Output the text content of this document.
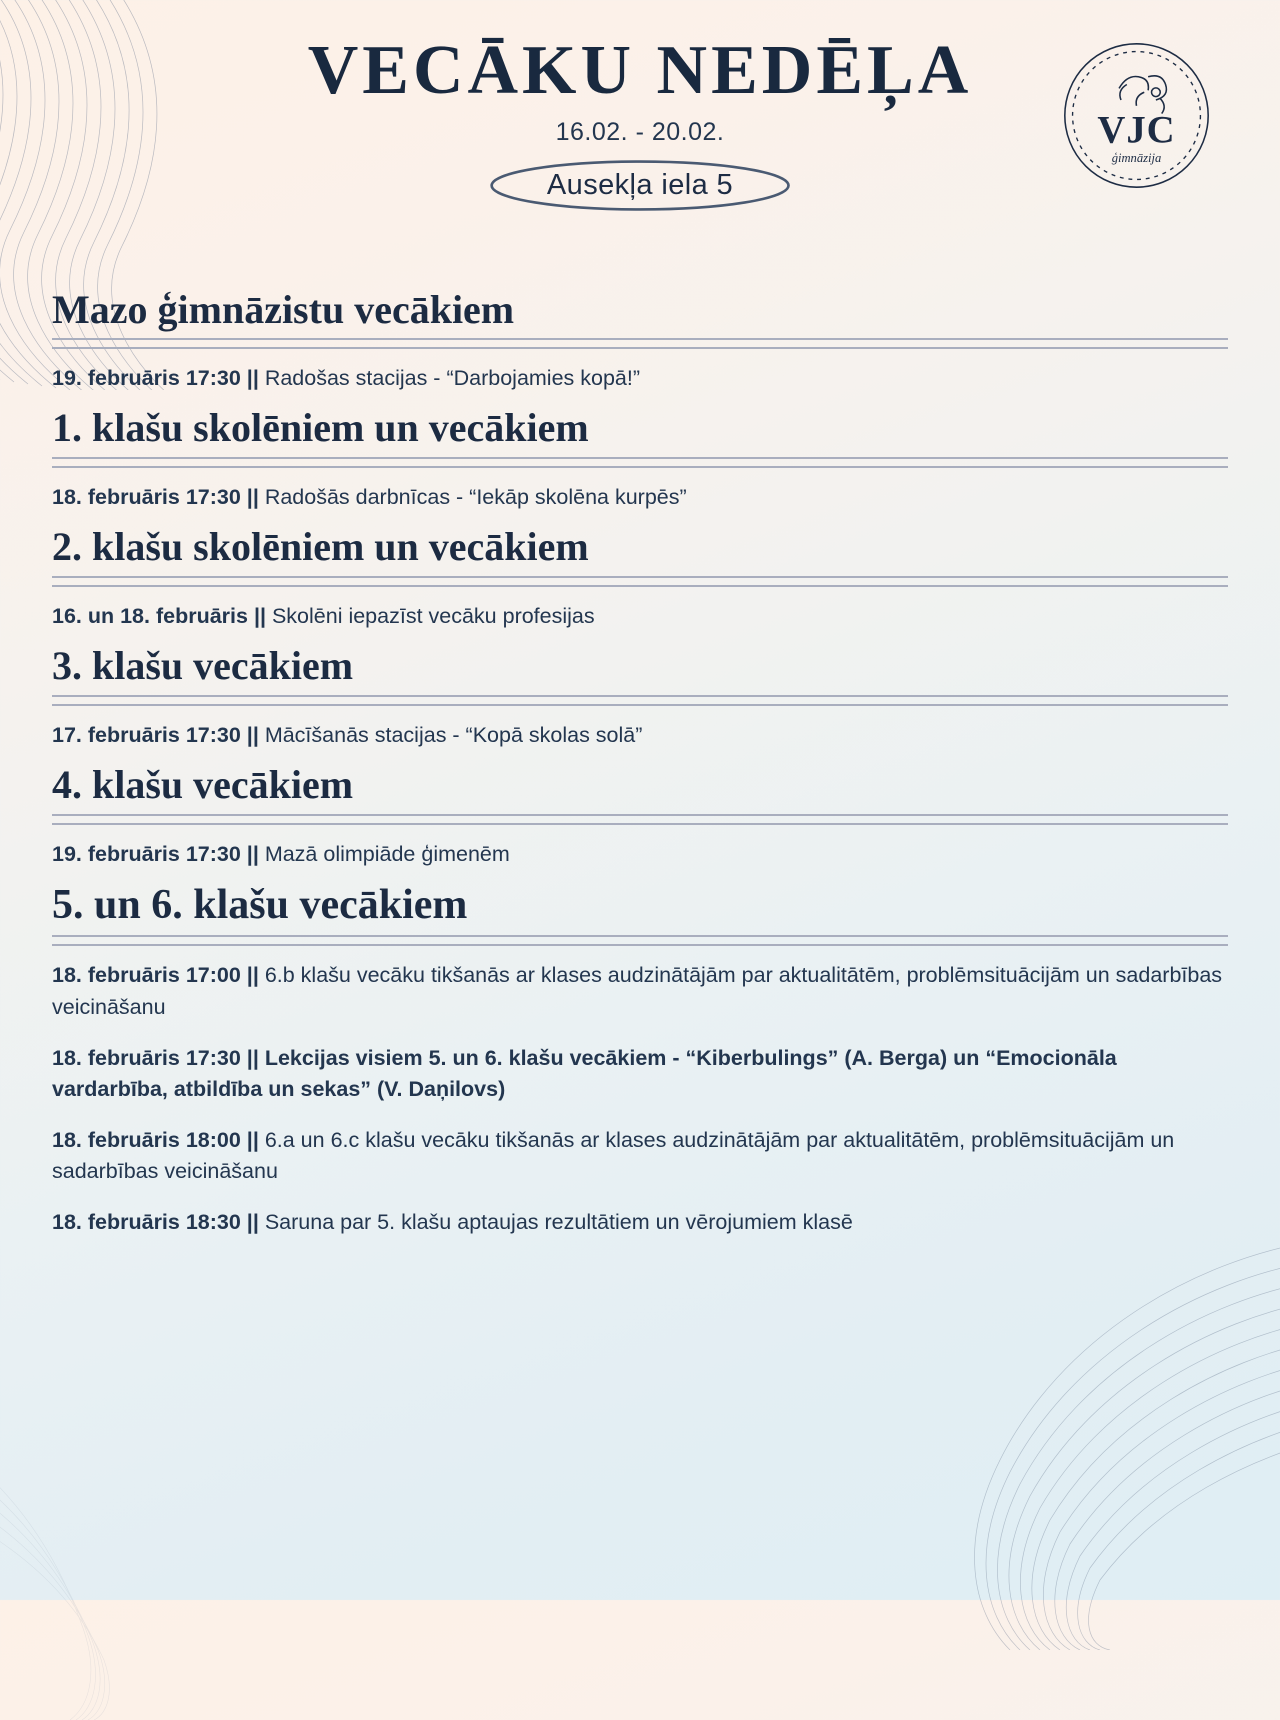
VECĀKU NEDĒĻA
16.02. - 20.02.
Ausekļa iela 5
VJC
ģimnāzija
Mazo ģimnāzistu vecākiem
19. februāris 17:30 || Radošas stacijas - “Darbojamies kopā!”
1. klašu skolēniem un vecākiem
18. februāris 17:30 || Radošās darbnīcas - “Iekāp skolēna kurpēs”
2. klašu skolēniem un vecākiem
16. un 18. februāris || Skolēni iepazīst vecāku profesijas
3. klašu vecākiem
17. februāris 17:30 || Mācīšanās stacijas - “Kopā skolas solā”
4. klašu vecākiem
19. februāris 17:30 || Mazā olimpiāde ģimenēm
5. un 6. klašu vecākiem
18. februāris 17:00 || 6.b klašu vecāku tikšanās ar klases audzinātājām par aktualitātēm, problēmsituācijām un sadarbības veicināšanu
18. februāris 17:30 || Lekcijas visiem 5. un 6. klašu vecākiem - “Kiberbulings” (A. Berga) un “Emocionāla vardarbība, atbildība un sekas” (V. Daņilovs)
18. februāris 18:00 || 6.a un 6.c klašu vecāku tikšanās ar klases audzinātājām par aktualitātēm, problēmsituācijām un sadarbības veicināšanu
18. februāris 18:30 || Saruna par 5. klašu aptaujas rezultātiem un vērojumiem klasē
